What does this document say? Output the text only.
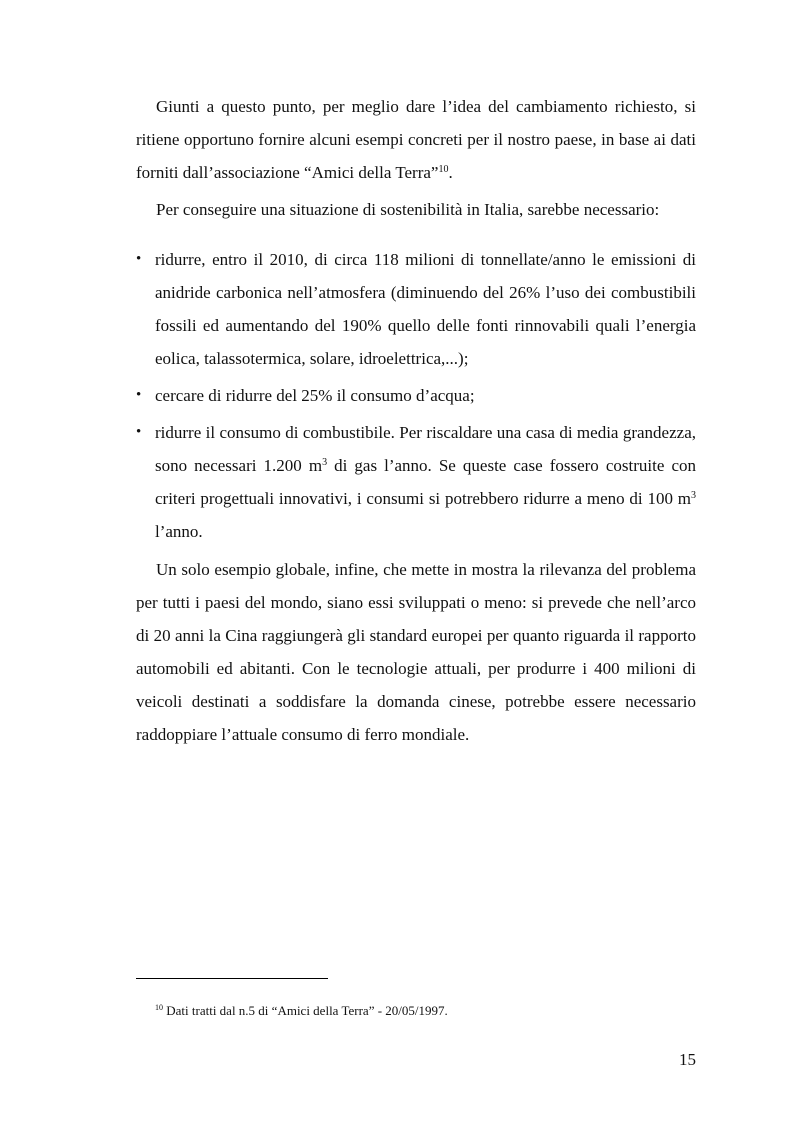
Giunti a questo punto, per meglio dare l’idea del cambiamento richiesto, si ritiene opportuno fornire alcuni esempi concreti per il nostro paese, in base ai dati forniti dall’associazione “Amici della Terra”$^{10}$.

Per conseguire una situazione di sostenibilità in Italia, sarebbe necessario:

• ridurre, entro il 2010, di circa 118 milioni di tonnellate/anno le emissioni di anidride carbonica nell’atmosfera (diminuendo del 26% l’uso dei combustibili fossili ed aumentando del 190% quello delle fonti rinnovabili quali l’energia eolica, talassotermica, solare, idroelettrica,...);
• cercare di ridurre del 25% il consumo d’acqua;
• ridurre il consumo di combustibile. Per riscaldare una casa di media grandezza, sono necessari 1.200 $m^3$ di gas l’anno. Se queste case fossero costruite con criteri progettuali innovativi, i consumi si potrebbero ridurre a meno di 100 $m^3$ l’anno.

Un solo esempio globale, infine, che mette in mostra la rilevanza del problema per tutti i paesi del mondo, siano essi sviluppati o meno: si prevede che nell’arco di 20 anni la Cina raggiungerà gli standard europei per quanto riguarda il rapporto automobili ed abitanti. Con le tecnologie attuali, per produrre i 400 milioni di veicoli destinati a soddisfare la domanda cinese, potrebbe essere necessario raddoppiare l’attuale consumo di ferro mondiale.

$^{10}$ Dati tratti dal n.5 di “Amici della Terra” - 20/05/1997.
15
